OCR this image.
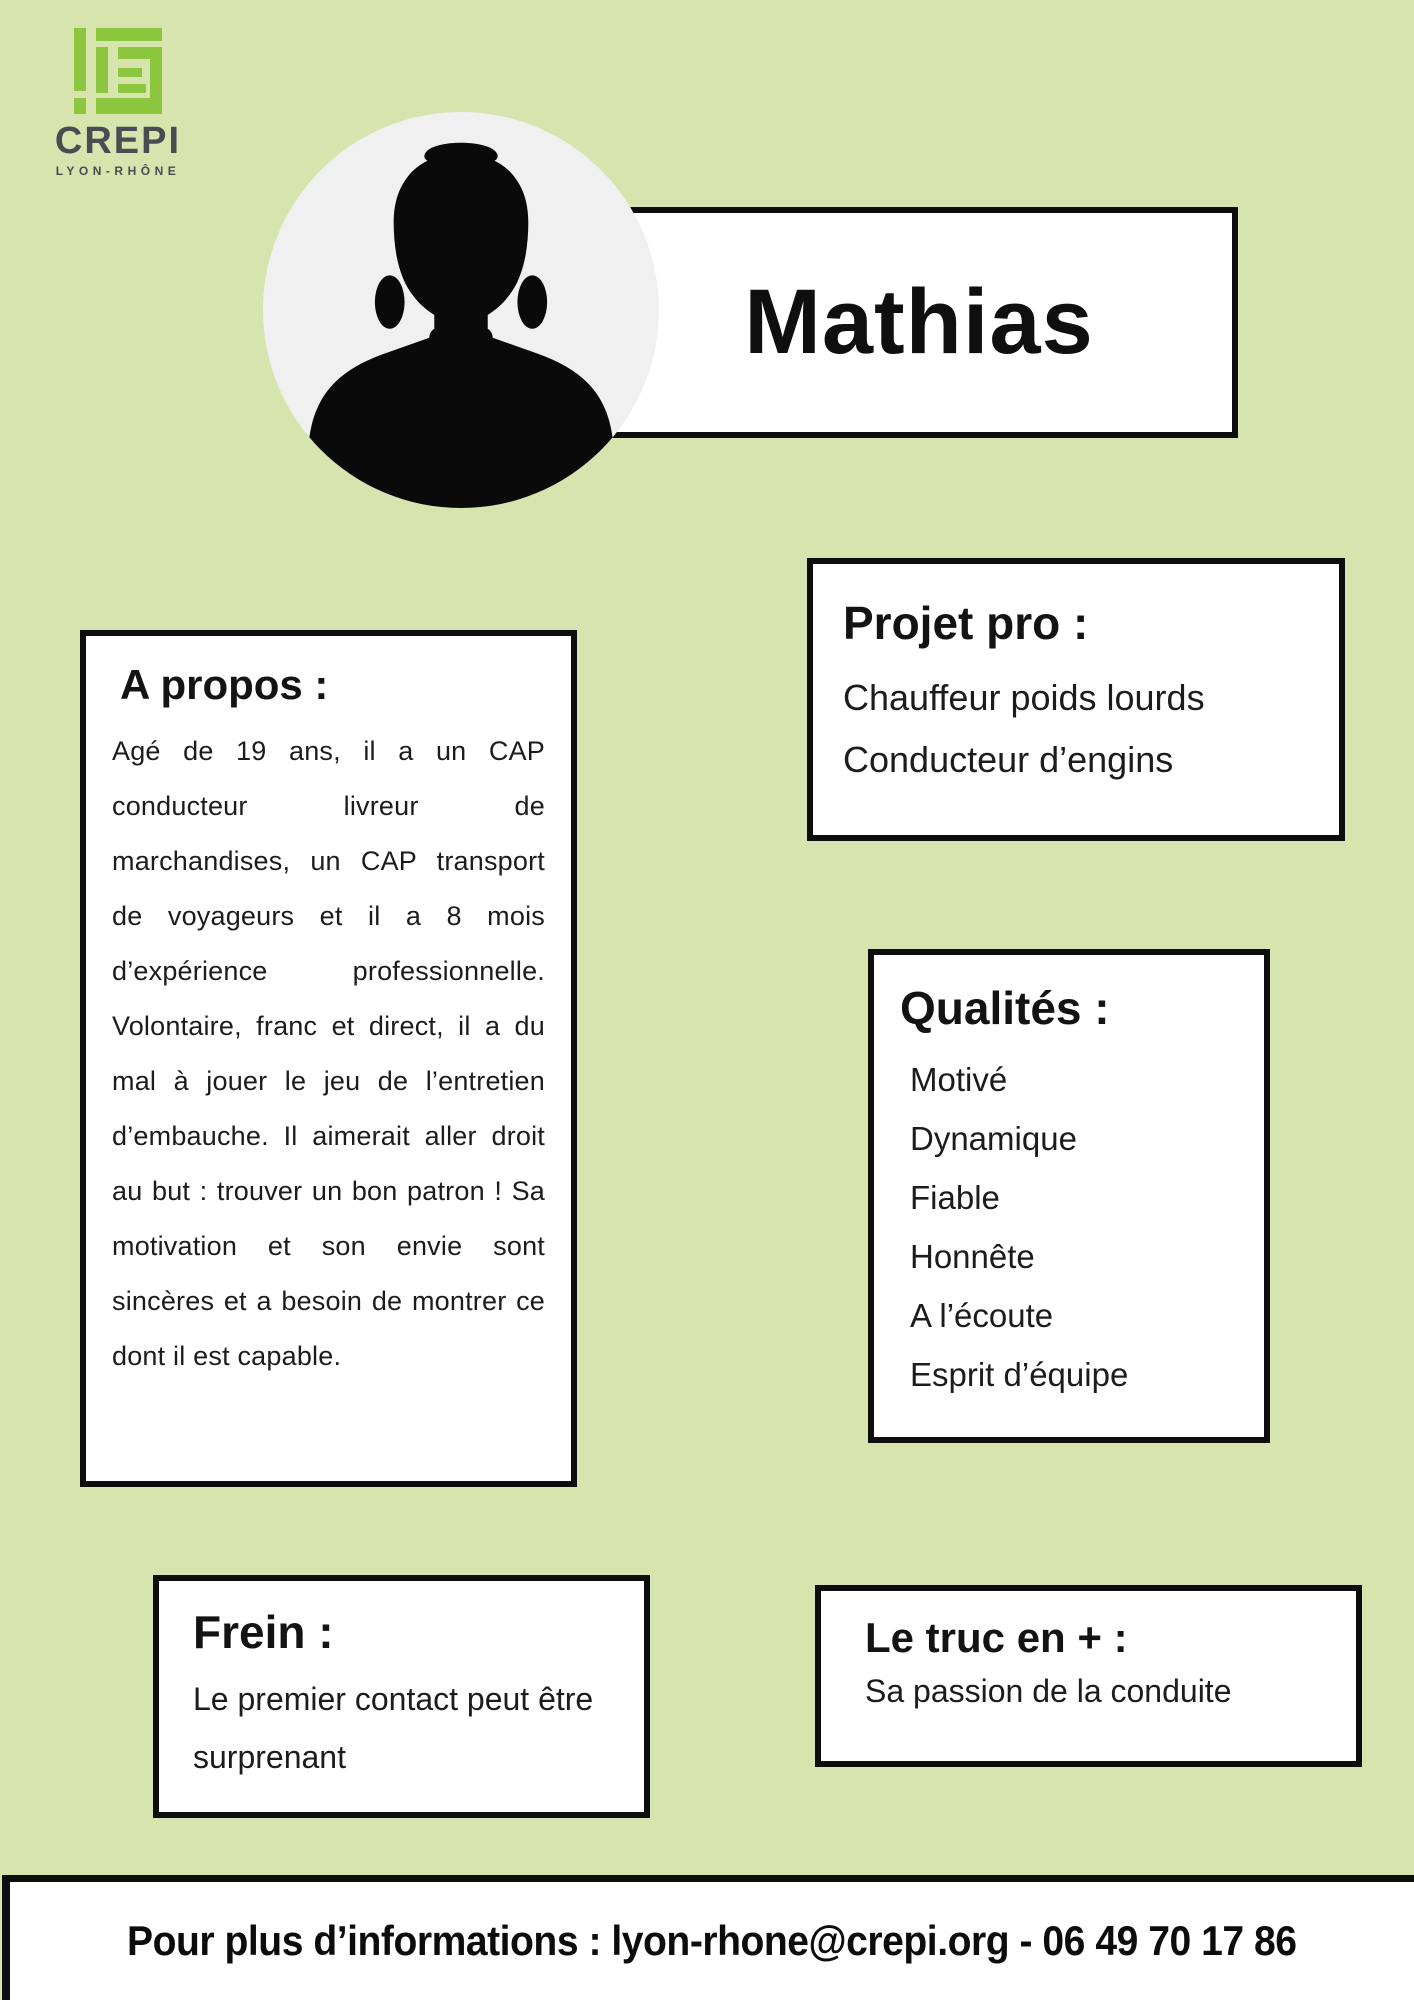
CREPI
LYON-RHÔNE
Mathias
A propos :
Agé de 19 ans, il a un CAP conducteur livreur de marchandises, un CAP transport de voyageurs et il a 8 mois d’expérience professionnelle. Volontaire, franc et direct, il a du mal à jouer le jeu de l’entretien d’embauche. Il aimerait aller droit au but : trouver un bon patron ! Sa motivation et son envie sont sincères et a besoin de montrer ce dont il est capable.
Projet pro :
Chauffeur poids lourds
Conducteur d’engins
Qualités :
Motivé
Dynamique
Fiable
Honnête
A l’écoute
Esprit d’équipe
Frein :
Le premier contact peut être surprenant
Le truc en + :
Sa passion de la conduite
Pour plus d’informations : lyon-rhone@crepi.org - 06 49 70 17 86
